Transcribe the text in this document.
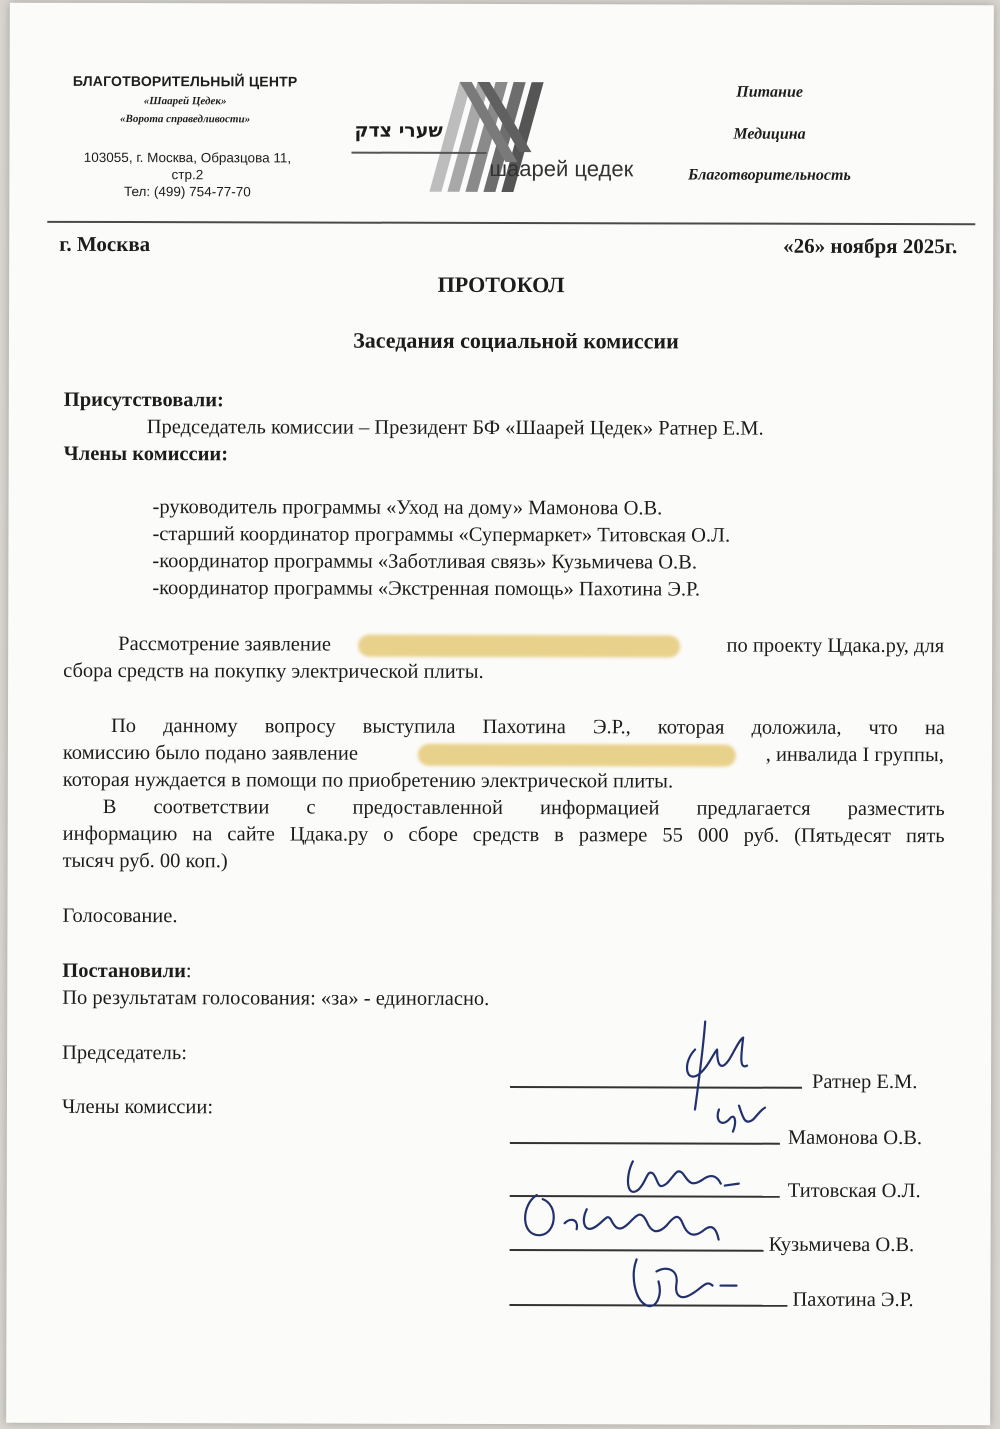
БЛАГОТВОРИТЕЛЬНЫЙ ЦЕНТР
«Шаарей Цедек»
«Ворота справедливости»
103055, г. Москва, Образцова 11,
стр.2
Тел: (499) 754-77-70
שערי צדק
шаарей цедек
Питание
Медицина
Благотворительность
г. Москва	«26» ноября 2025г.
ПРОТОКОЛ
Заседания социальной комиссии
Присутствовали:
Председатель комиссии – Президент БФ «Шаарей Цедек» Ратнер Е.М.
Члены комиссии:
-руководитель программы «Уход на дому» Мамонова О.В.
-старший координатор программы «Супермаркет» Титовская О.Л.
-координатор программы «Заботливая связь» Кузьмичева О.В.
-координатор программы «Экстренная помощь» Пахотина Э.Р.
Рассмотрение заявление	по проекту Цдака.ру, для
сбора средств на покупку электрической плиты.
По данному вопросу выступила Пахотина Э.Р., которая доложила, что на
комиссию было подано заявление	, инвалида I группы,
которая нуждается в помощи по приобретению электрической плиты.
В соответствии с предоставленной информацией предлагается разместить
информацию на сайте Цдака.ру о сборе средств в размере 55 000 руб. (Пятьдесят пять
тысяч руб. 00 коп.)
Голосование.
Постановили:
По результатам голосования: «за» - единогласно.
Председатель:
Члены комиссии:
Ратнер Е.М.
Мамонова О.В.
Титовская О.Л.
Кузьмичева О.В.
Пахотина Э.Р.
